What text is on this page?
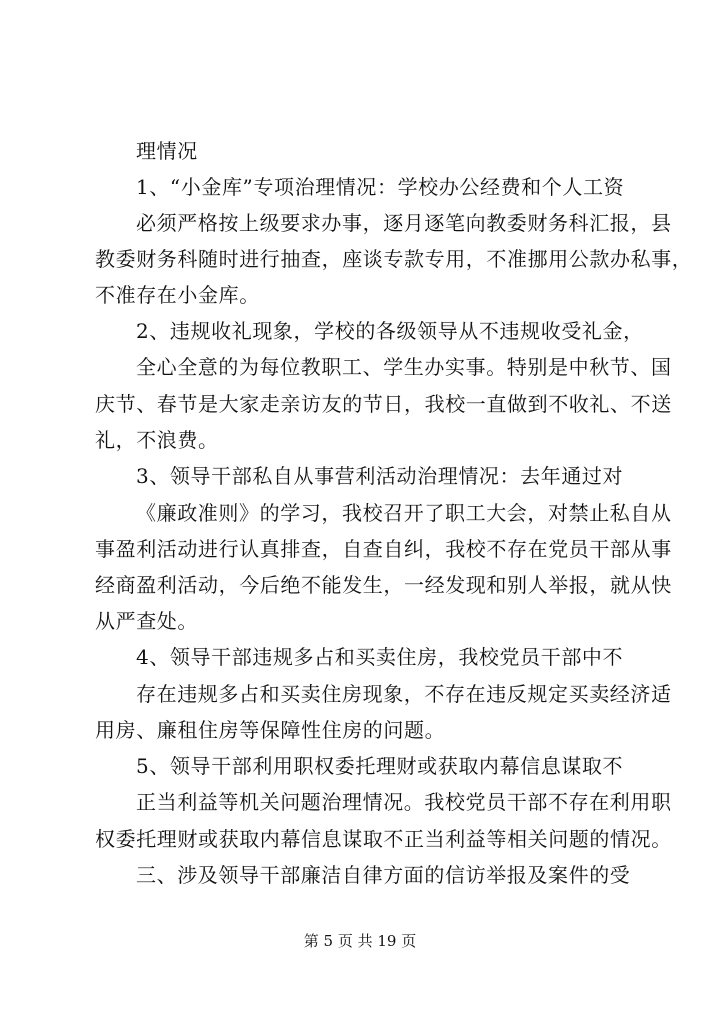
理情况
1、“小金库”专项治理情况：学校办公经费和个人工资
必须严格按上级要求办事，逐月逐笔向教委财务科汇报，县
教委财务科随时进行抽查，座谈专款专用，不准挪用公款办私事，
不准存在小金库。
2、违规收礼现象，学校的各级领导从不违规收受礼金，
全心全意的为每位教职工、学生办实事。特别是中秋节、国
庆节、春节是大家走亲访友的节日，我校一直做到不收礼、不送
礼，不浪费。
3、领导干部私自从事营利活动治理情况：去年通过对
《廉政准则》的学习，我校召开了职工大会，对禁止私自从
事盈利活动进行认真排查，自查自纠，我校不存在党员干部从事
经商盈利活动，今后绝不能发生，一经发现和别人举报，就从快
从严查处。
4、领导干部违规多占和买卖住房，我校党员干部中不
存在违规多占和买卖住房现象，不存在违反规定买卖经济适
用房、廉租住房等保障性住房的问题。
5、领导干部利用职权委托理财或获取内幕信息谋取不
正当利益等机关问题治理情况。我校党员干部不存在利用职
权委托理财或获取内幕信息谋取不正当利益等相关问题的情况。
三、涉及领导干部廉洁自律方面的信访举报及案件的受
第 5 页 共 19 页
